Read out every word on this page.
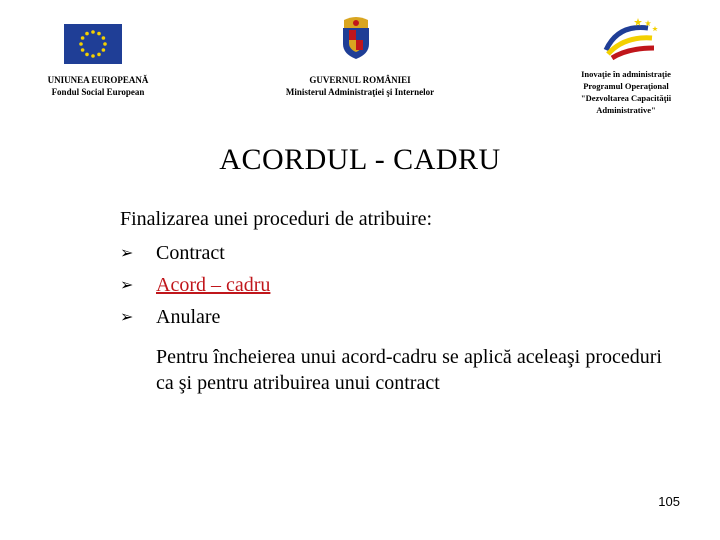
UNIUNEA EUROPEANĂ
Fondul Social European
GUVERNUL ROMÂNIEI
Ministerul Administraţiei şi Internelor
Inovaţie în administraţie
Programul Operaţional
"Dezvoltarea Capacităţii
Administrative"
ACORDUL - CADRU
Finalizarea unei proceduri de atribuire:
➢	Contract
➢	Acord – cadru
➢	Anulare
Pentru încheierea unui acord-cadru se aplică aceleaşi proceduri ca şi pentru atribuirea unui contract
105
